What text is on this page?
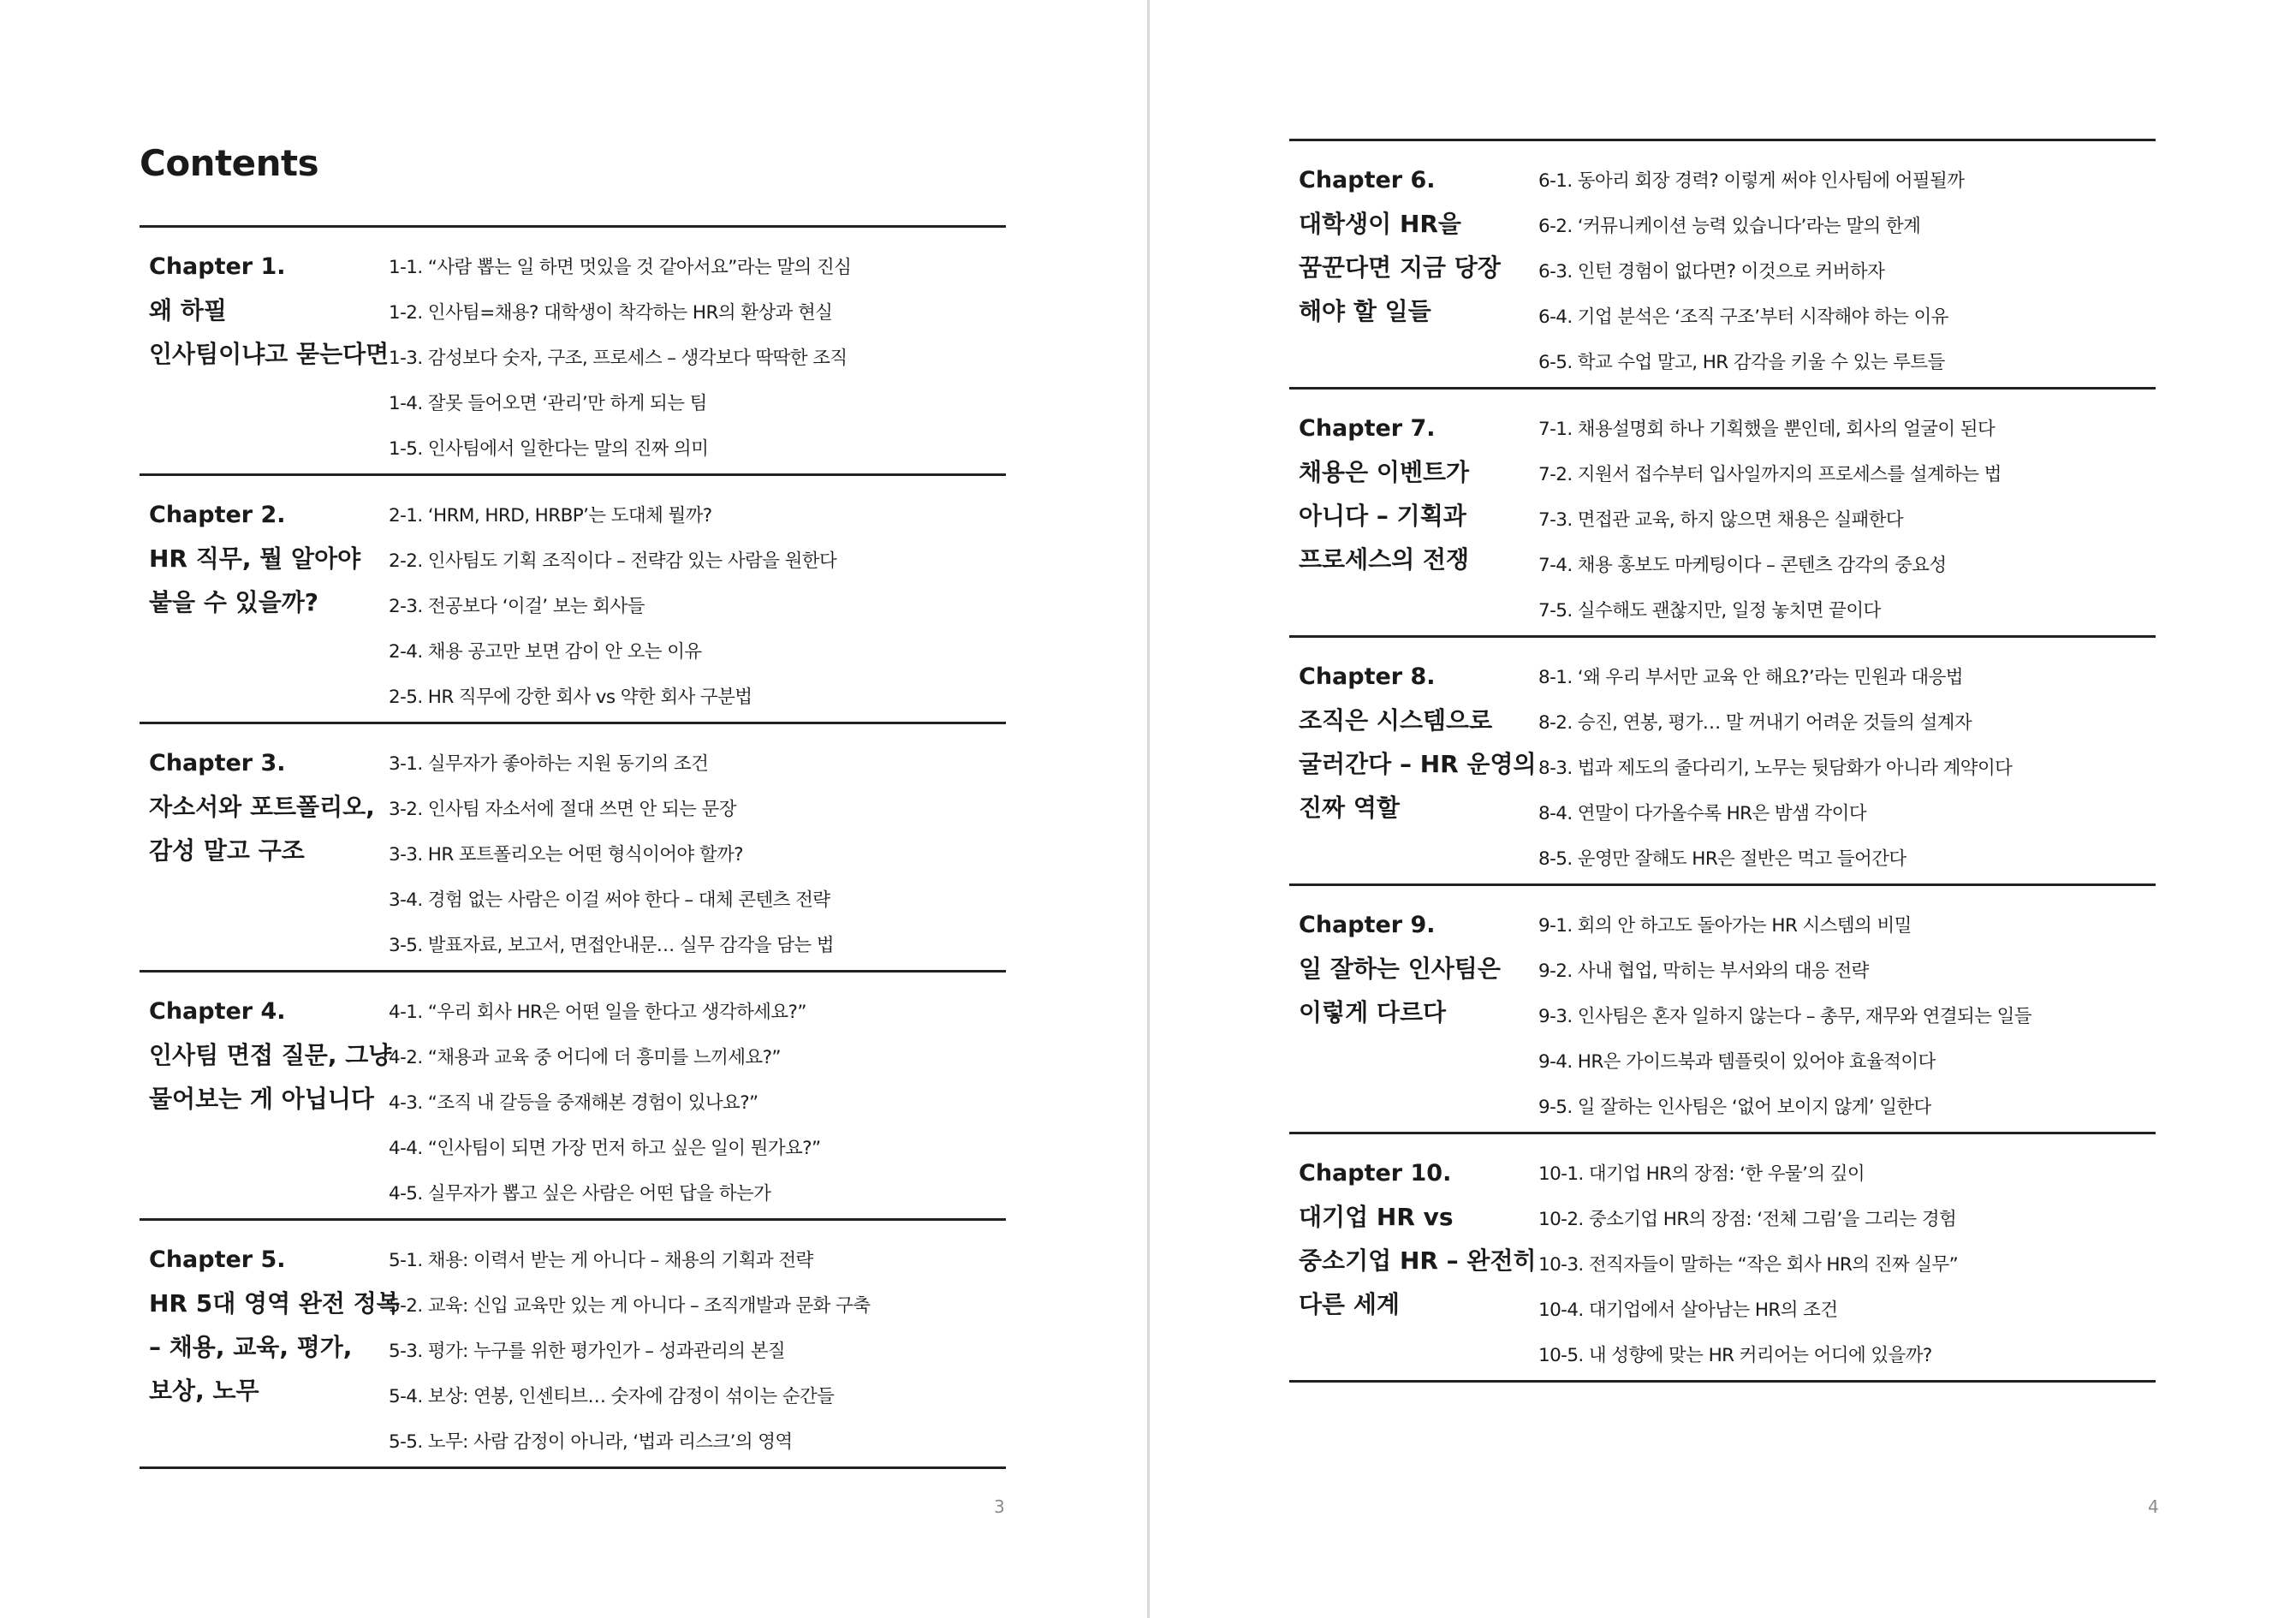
Contents
Chapter 1.
왜 하필
인사팀이냐고 묻는다면
1-1. “사람 뽑는 일 하면 멋있을 것 같아서요”라는 말의 진심
1-2. 인사팀=채용? 대학생이 착각하는 HR의 환상과 현실
1-3. 감성보다 숫자, 구조, 프로세스 – 생각보다 딱딱한 조직
1-4. 잘못 들어오면 ‘관리’만 하게 되는 팀
1-5. 인사팀에서 일한다는 말의 진짜 의미
Chapter 2.
HR 직무, 뭘 알아야
붙을 수 있을까?
2-1. ‘HRM, HRD, HRBP’는 도대체 뭘까?
2-2. 인사팀도 기획 조직이다 – 전략감 있는 사람을 원한다
2-3. 전공보다 ‘이걸’ 보는 회사들
2-4. 채용 공고만 보면 감이 안 오는 이유
2-5. HR 직무에 강한 회사 vs 약한 회사 구분법
Chapter 3.
자소서와 포트폴리오,
감성 말고 구조
3-1. 실무자가 좋아하는 지원 동기의 조건
3-2. 인사팀 자소서에 절대 쓰면 안 되는 문장
3-3. HR 포트폴리오는 어떤 형식이어야 할까?
3-4. 경험 없는 사람은 이걸 써야 한다 – 대체 콘텐츠 전략
3-5. 발표자료, 보고서, 면접안내문… 실무 감각을 담는 법
Chapter 4.
인사팀 면접 질문, 그냥
물어보는 게 아닙니다
4-1. “우리 회사 HR은 어떤 일을 한다고 생각하세요?”
4-2. “채용과 교육 중 어디에 더 흥미를 느끼세요?”
4-3. “조직 내 갈등을 중재해본 경험이 있나요?”
4-4. “인사팀이 되면 가장 먼저 하고 싶은 일이 뭔가요?”
4-5. 실무자가 뽑고 싶은 사람은 어떤 답을 하는가
Chapter 5.
HR 5대 영역 완전 정복
– 채용, 교육, 평가,
보상, 노무
5-1. 채용: 이력서 받는 게 아니다 – 채용의 기획과 전략
5-2. 교육: 신입 교육만 있는 게 아니다 – 조직개발과 문화 구축
5-3. 평가: 누구를 위한 평가인가 – 성과관리의 본질
5-4. 보상: 연봉, 인센티브… 숫자에 감정이 섞이는 순간들
5-5. 노무: 사람 감정이 아니라, ‘법과 리스크’의 영역
3
Chapter 6.
대학생이 HR을
꿈꾼다면 지금 당장
해야 할 일들
6-1. 동아리 회장 경력? 이렇게 써야 인사팀에 어필될까
6-2. ‘커뮤니케이션 능력 있습니다’라는 말의 한계
6-3. 인턴 경험이 없다면? 이것으로 커버하자
6-4. 기업 분석은 ‘조직 구조’부터 시작해야 하는 이유
6-5. 학교 수업 말고, HR 감각을 키울 수 있는 루트들
Chapter 7.
채용은 이벤트가
아니다 – 기획과
프로세스의 전쟁
7-1. 채용설명회 하나 기획했을 뿐인데, 회사의 얼굴이 된다
7-2. 지원서 접수부터 입사일까지의 프로세스를 설계하는 법
7-3. 면접관 교육, 하지 않으면 채용은 실패한다
7-4. 채용 홍보도 마케팅이다 – 콘텐츠 감각의 중요성
7-5. 실수해도 괜찮지만, 일정 놓치면 끝이다
Chapter 8.
조직은 시스템으로
굴러간다 – HR 운영의
진짜 역할
8-1. ‘왜 우리 부서만 교육 안 해요?’라는 민원과 대응법
8-2. 승진, 연봉, 평가… 말 꺼내기 어려운 것들의 설계자
8-3. 법과 제도의 줄다리기, 노무는 뒷담화가 아니라 계약이다
8-4. 연말이 다가올수록 HR은 밤샘 각이다
8-5. 운영만 잘해도 HR은 절반은 먹고 들어간다
Chapter 9.
일 잘하는 인사팀은
이렇게 다르다
9-1. 회의 안 하고도 돌아가는 HR 시스템의 비밀
9-2. 사내 협업, 막히는 부서와의 대응 전략
9-3. 인사팀은 혼자 일하지 않는다 – 총무, 재무와 연결되는 일들
9-4. HR은 가이드북과 템플릿이 있어야 효율적이다
9-5. 일 잘하는 인사팀은 ‘없어 보이지 않게’ 일한다
Chapter 10.
대기업 HR vs
중소기업 HR – 완전히
다른 세계
10-1. 대기업 HR의 장점: ‘한 우물’의 깊이
10-2. 중소기업 HR의 장점: ‘전체 그림’을 그리는 경험
10-3. 전직자들이 말하는 “작은 회사 HR의 진짜 실무”
10-4. 대기업에서 살아남는 HR의 조건
10-5. 내 성향에 맞는 HR 커리어는 어디에 있을까?
4
